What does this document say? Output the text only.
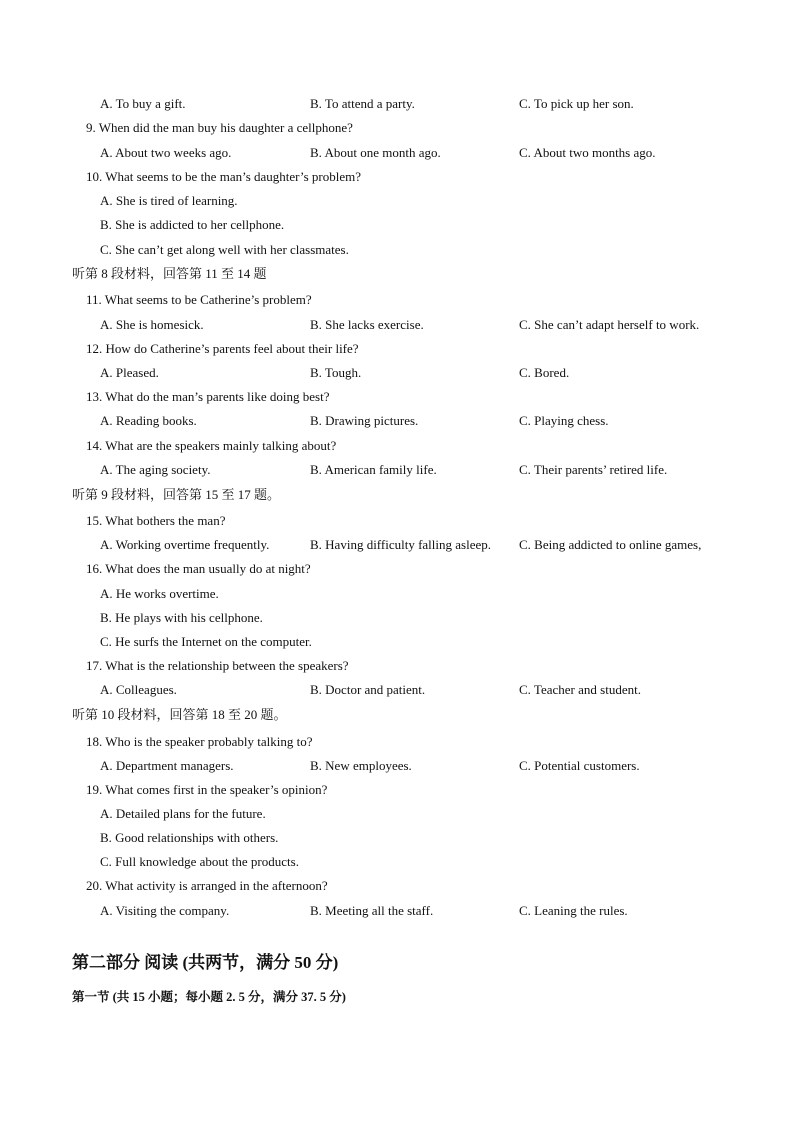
A. To buy a gift.	B. To attend a party.	C. To pick up her son.
9. When did the man buy his daughter a cellphone?
A. About two weeks ago.	B. About one month ago.	C. About two months ago.
10. What seems to be the man’s daughter’s problem?
A. She is tired of learning.
B. She is addicted to her cellphone.
C. She can’t get along well with her classmates.
听第 8 段材料，回答第 11 至 14 题
11. What seems to be Catherine’s problem?
A. She is homesick.	B. She lacks exercise.	C. She can’t adapt herself to work.
12. How do Catherine’s parents feel about their life?
A. Pleased.	B. Tough.	C. Bored.
13. What do the man’s parents like doing best?
A. Reading books.	B. Drawing pictures.	C. Playing chess.
14. What are the speakers mainly talking about?
A. The aging society.	B. American family life.	C. Their parents’ retired life.
听第 9 段材料，回答第 15 至 17 题。
15. What bothers the man?
A. Working overtime frequently.	B. Having difficulty falling asleep. C. Being addicted to online games,
16. What does the man usually do at night?
A. He works overtime.
B. He plays with his cellphone.
C. He surfs the Internet on the computer.
17. What is the relationship between the speakers?
A. Colleagues.	B. Doctor and patient.	C. Teacher and student.
听第 10 段材料，回答第 18 至 20 题。
18. Who is the speaker probably talking to?
A. Department managers.	B. New employees.	C. Potential customers.
19. What comes first in the speaker’s opinion?
A. Detailed plans for the future.
B. Good relationships with others.
C. Full knowledge about the products.
20. What activity is arranged in the afternoon?
A. Visiting the company.	B. Meeting all the staff.	C. Leaning the rules.
第二部分 阅读 (共两节，满分 50 分)
第一节 (共 15 小题；每小题 2. 5 分，满分 37. 5 分)
